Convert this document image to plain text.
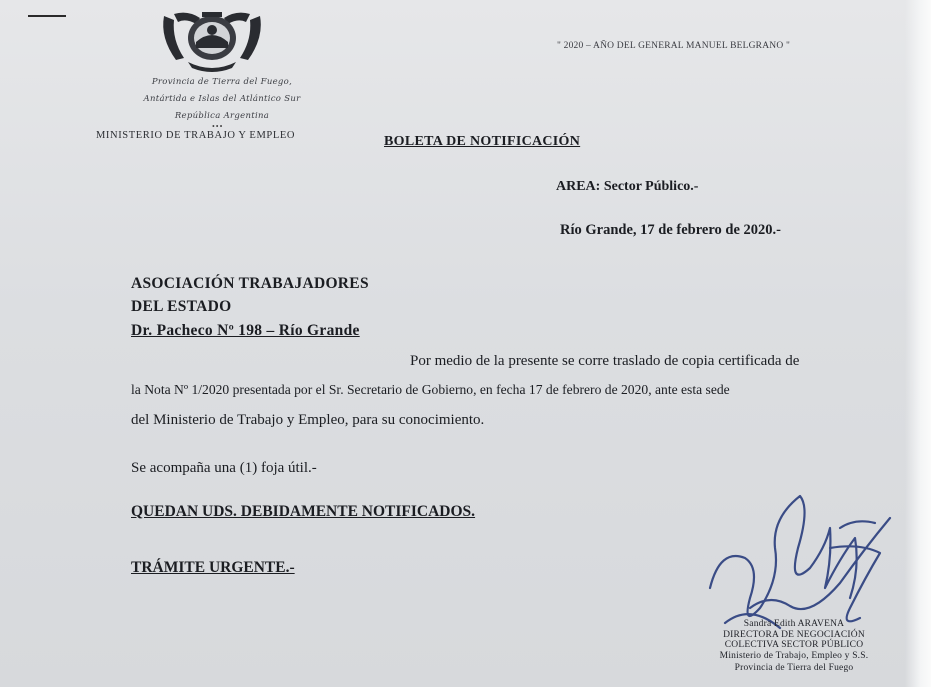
Provincia de Tierra del Fuego,
Antártida e Islas del Atlántico Sur
República Argentina
•••
MINISTERIO DE TRABAJO Y EMPLEO
" 2020 – AÑO DEL GENERAL MANUEL BELGRANO "
BOLETA DE NOTIFICACIÓN
AREA: Sector Público.-
Río Grande, 17 de febrero de 2020.-
ASOCIACIÓN TRABAJADORES
DEL ESTADO
Dr. Pacheco Nº 198 – Río Grande
Por medio de la presente se corre traslado de copia certificada de
la Nota Nº 1/2020 presentada por el Sr. Secretario de Gobierno, en fecha 17 de febrero de 2020, ante esta sede
del Ministerio de Trabajo y Empleo, para su conocimiento.
Se acompaña una (1) foja útil.-
QUEDAN UDS. DEBIDAMENTE NOTIFICADOS.
TRÁMITE URGENTE.-
Sandra Edith ARAVENA
DIRECTORA DE NEGOCIACIÓN
COLECTIVA SECTOR PÚBLICO
Ministerio de Trabajo, Empleo y S.S.
Provincia de Tierra del Fuego
